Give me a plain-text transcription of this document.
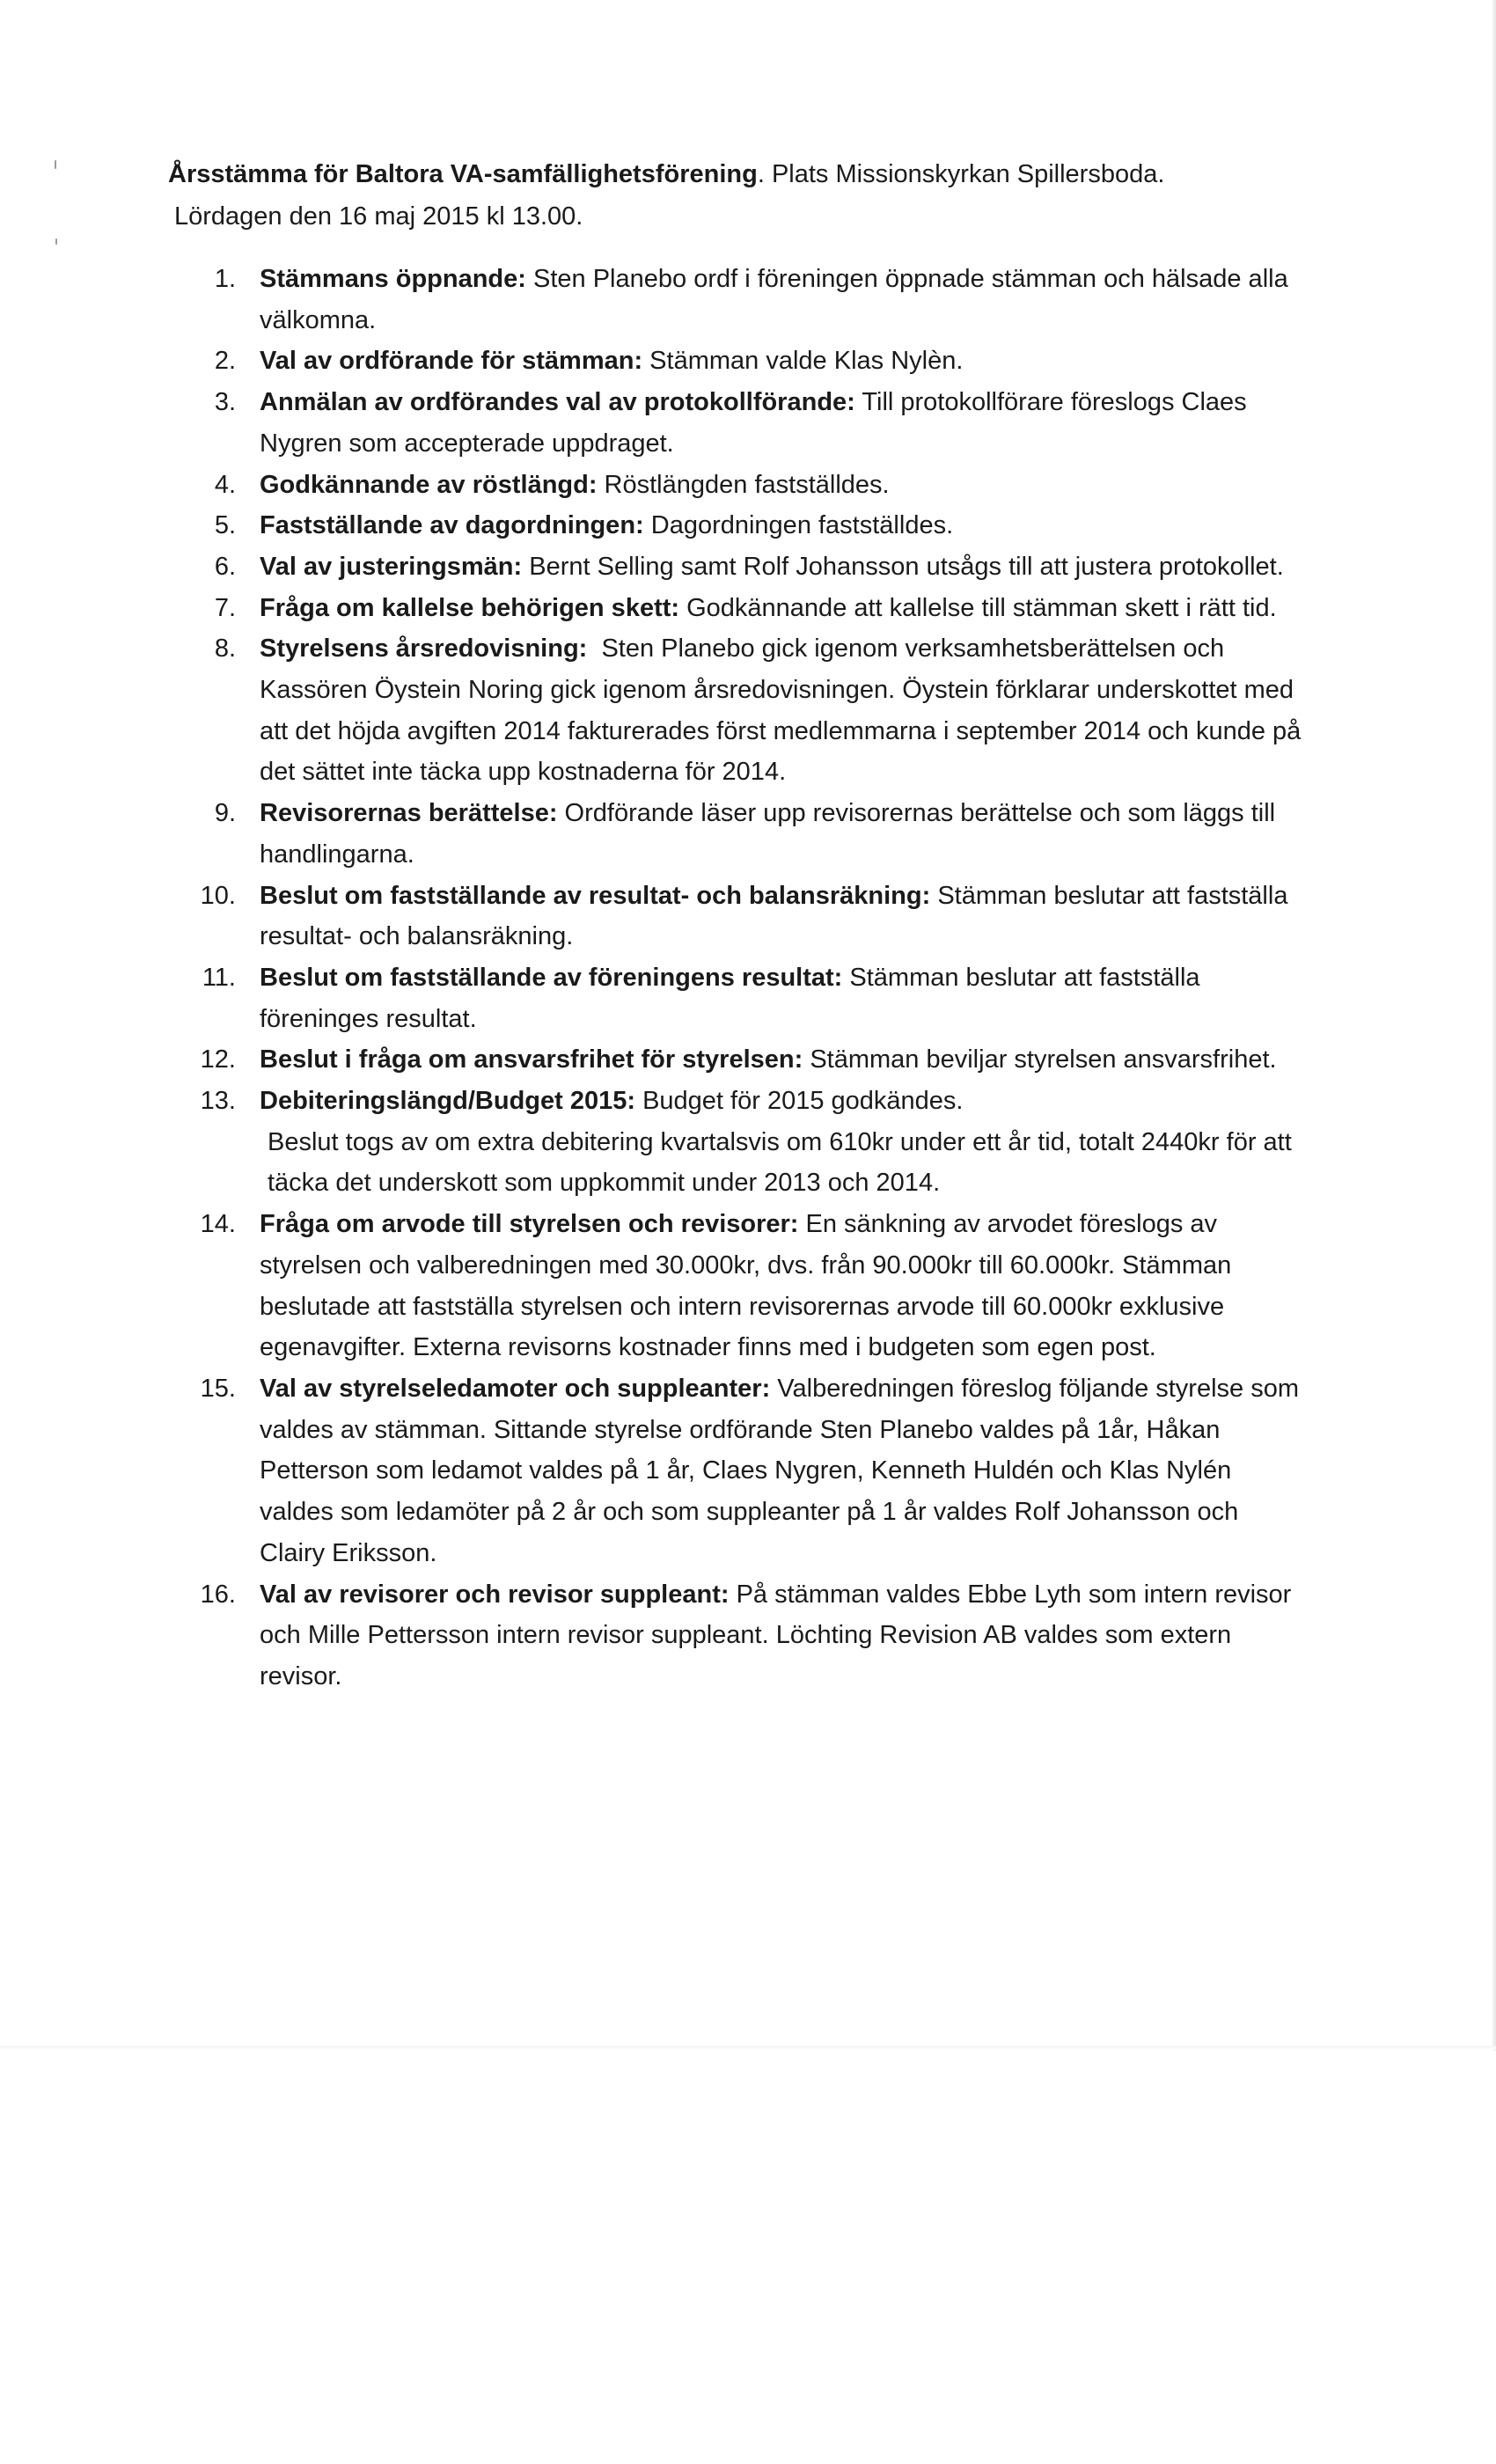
Årsstämma för Baltora VA-samfällighetsförening. Plats Missionskyrkan Spillersboda.
Lördagen den 16 maj 2015 kl 13.00.
1. Stämmans öppnande: Sten Planebo ordf i föreningen öppnade stämman och hälsade alla välkomna.
2. Val av ordförande för stämman: Stämman valde Klas Nylèn.
3. Anmälan av ordförandes val av protokollförande: Till protokollförare föreslogs Claes Nygren som accepterade uppdraget.
4. Godkännande av röstlängd: Röstlängden fastställdes.
5. Fastställande av dagordningen: Dagordningen fastställdes.
6. Val av justeringsmän: Bernt Selling samt Rolf Johansson utsågs till att justera protokollet.
7. Fråga om kallelse behörigen skett: Godkännande att kallelse till stämman skett i rätt tid.
8. Styrelsens årsredovisning:  Sten Planebo gick igenom verksamhetsberättelsen och Kassören Öystein Noring gick igenom årsredovisningen. Öystein förklarar underskottet med att det höjda avgiften 2014 fakturerades först medlemmarna i september 2014 och kunde på det sättet inte täcka upp kostnaderna för 2014.
9. Revisorernas berättelse: Ordförande läser upp revisorernas berättelse och som läggs till handlingarna.
10. Beslut om fastställande av resultat- och balansräkning: Stämman beslutar att fastställa resultat- och balansräkning.
11. Beslut om fastställande av föreningens resultat: Stämman beslutar att fastställa föreninges resultat.
12. Beslut i fråga om ansvarsfrihet för styrelsen: Stämman beviljar styrelsen ansvarsfrihet.
13. Debiteringslängd/Budget 2015: Budget för 2015 godkändes.
Beslut togs av om extra debitering kvartalsvis om 610kr under ett år tid, totalt 2440kr för att täcka det underskott som uppkommit under 2013 och 2014.
14. Fråga om arvode till styrelsen och revisorer: En sänkning av arvodet föreslogs av styrelsen och valberedningen med 30.000kr, dvs. från 90.000kr till 60.000kr. Stämman beslutade att fastställa styrelsen och intern revisorernas arvode till 60.000kr exklusive egenavgifter. Externa revisorns kostnader finns med i budgeten som egen post.
15. Val av styrelseledamoter och suppleanter: Valberedningen föreslog följande styrelse som valdes av stämman. Sittande styrelse ordförande Sten Planebo valdes på 1år, Håkan Petterson som ledamot valdes på 1 år, Claes Nygren, Kenneth Huldén och Klas Nylén valdes som ledamöter på 2 år och som suppleanter på 1 år valdes Rolf Johansson och Clairy Eriksson.
16. Val av revisorer och revisor suppleant: På stämman valdes Ebbe Lyth som intern revisor och Mille Pettersson intern revisor suppleant. Löchting Revision AB valdes som extern revisor.
